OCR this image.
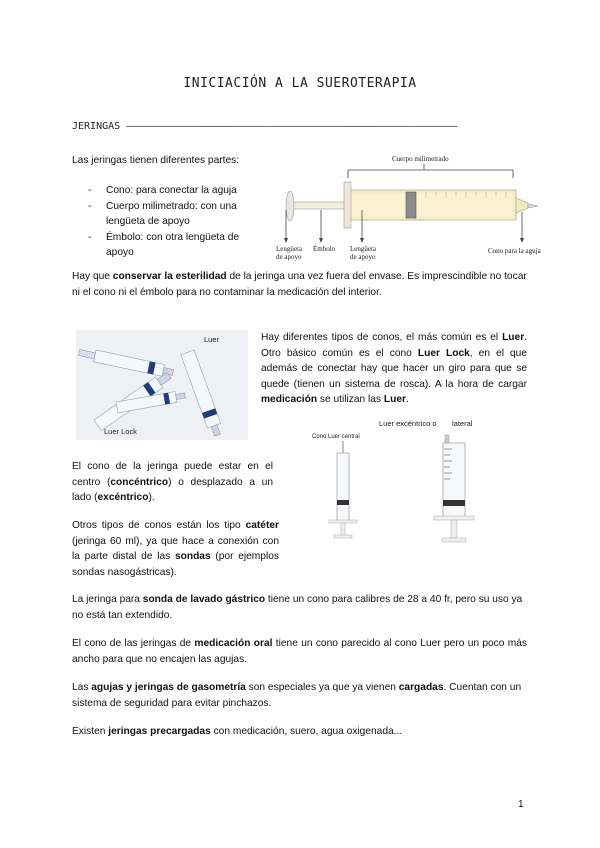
INICIACIÓN A LA SUEROTERAPIA
JERINGAS –––––––––––––––––––––––––––––––––––––––––––––––––––––––
Las jeringas tienen diferentes partes:
- Cono: para conectar la aguja
- Cuerpo milimetrado: con una lengüeta de apoyo
- Émbolo: con otra lengüeta de apoyo
Cuerpo milimetrado
Lengüeta
de apoyo
Émbolo Lengüeta
de apoyo
Cono para la aguja
Hay que conservar la esterilidad de la jeringa una vez fuera del envase. Es imprescindible no tocar ni el cono ni el émbolo para no contaminar la medicación del interior.
Luer
Luer Lock
Hay diferentes tipos de conos, el más común es el Luer. Otro básico común es el cono Luer Lock, en el que además de conectar hay que hacer un giro para que se quede (tienen un sistema de rosca). A la hora de cargar medicación se utilizan las Luer.
Cono Luer central
Luer excéntrico o lateral
El cono de la jeringa puede estar en el centro (concéntrico) o desplazado a un lado (excéntrico).
Otros tipos de conos están los tipo catéter (jeringa 60 ml), ya que hace a conexión con la parte distal de las sondas (por ejemplos sondas nasogástricas).
La jeringa para sonda de lavado gástrico tiene un cono para calibres de 28 a 40 fr, pero su uso ya no está tan extendido.
El cono de las jeringas de medicación oral tiene un cono parecido al cono Luer pero un poco más ancho para que no encajen las agujas.
Las agujas y jeringas de gasometría son especiales ya que ya vienen cargadas. Cuentan con un sistema de seguridad para evitar pinchazos.
Existen jeringas precargadas con medicación, suero, agua oxigenada...
1
